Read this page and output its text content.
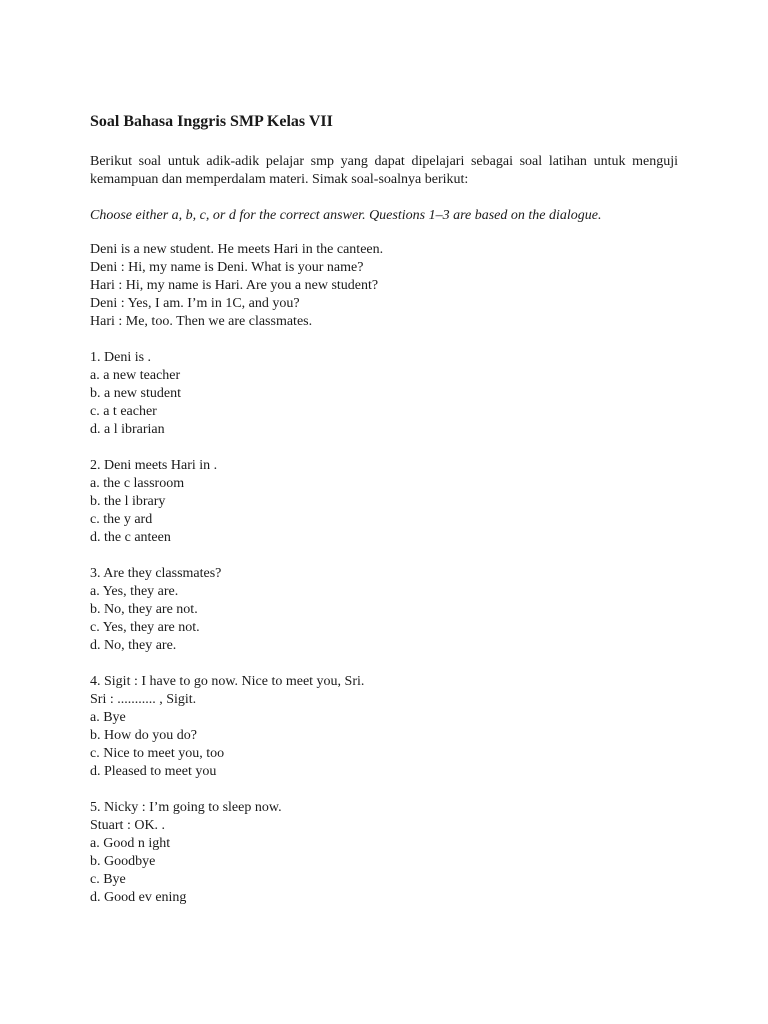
Soal Bahasa Inggris SMP Kelas VII
Berikut soal untuk adik-adik pelajar smp yang dapat dipelajari sebagai soal latihan untuk menguji kemampuan dan memperdalam materi. Simak soal-soalnya berikut:
Choose either a, b, c, or d for the correct answer. Questions 1–3 are based on the dialogue.
Deni is a new student. He meets Hari in the canteen.
Deni : Hi, my name is Deni. What is your name?
Hari : Hi, my name is Hari. Are you a new student?
Deni : Yes, I am. I’m in 1C, and you?
Hari : Me, too. Then we are classmates.
1. Deni is .
a. a new teacher
b. a new student
c. a t eacher
d. a l ibrarian
2. Deni meets Hari in .
a. the c lassroom
b. the l ibrary
c. the y ard
d. the c anteen
3. Are they classmates?
a. Yes, they are.
b. No, they are not.
c. Yes, they are not.
d. No, they are.
4. Sigit : I have to go now. Nice to meet you, Sri.
Sri : ........... , Sigit.
a. Bye
b. How do you do?
c. Nice to meet you, too
d. Pleased to meet you
5. Nicky : I’m going to sleep now.
Stuart : OK. .
a. Good n ight
b. Goodbye
c. Bye
d. Good ev ening
